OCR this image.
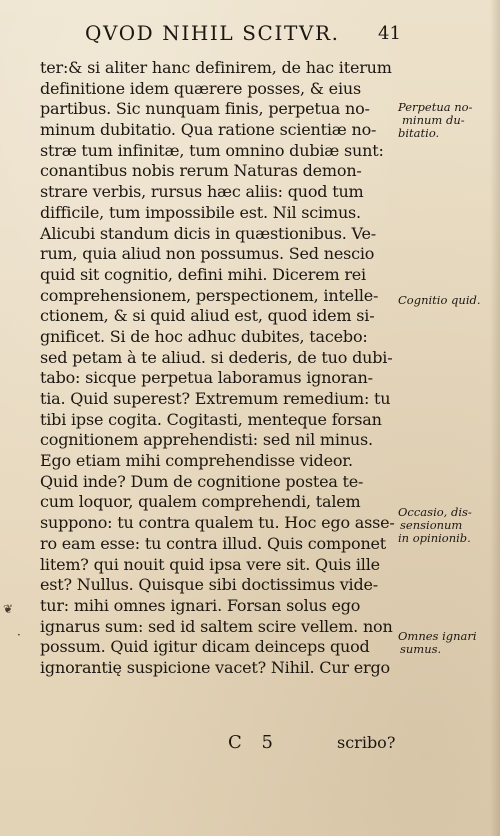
QVOD NIHIL SCITVR.	41
ter:& si aliter hanc definirem, de hac iterum
definitione idem quærere posses, & eius
partibus. Sic nunquam finis, perpetua no-
minum dubitatio. Qua ratione scientiæ no-
stræ tum infinitæ, tum omnino dubiæ sunt:
conantibus nobis rerum Naturas demon-
strare verbis, rursus hæc aliis: quod tum
difficile, tum impossibile est. Nil scimus.
Alicubi standum dicis in quæstionibus. Ve-
rum, quia aliud non possumus. Sed nescio
quid sit cognitio, defini mihi. Dicerem rei
comprehensionem, perspectionem, intelle-
ctionem, & si quid aliud est, quod idem si-
gnificet. Si de hoc adhuc dubites, tacebo:
sed petam à te aliud. si dederis, de tuo dubi-
tabo: sicque perpetua laboramus ignoran-
tia. Quid superest? Extremum remedium: tu
tibi ipse cogita. Cogitasti, menteque forsan
cognitionem apprehendisti: sed nil minus.
Ego etiam mihi comprehendisse videor.
Quid inde? Dum de cognitione postea te-
cum loquor, qualem comprehendi, talem
suppono: tu contra qualem tu. Hoc ego asse-
ro eam esse: tu contra illud. Quis componet
litem? qui nouit quid ipsa vere sit. Quis ille
est? Nullus. Quisque sibi doctissimus vide-
tur: mihi omnes ignari. Forsan solus ego
ignarus sum: sed id saltem scire vellem. non
possum. Quid igitur dicam deinceps quod
ignorantię suspicione vacet? Nihil. Cur ergo
C 5	scribo?
Perpetua no-
minum du-
bitatio.
Cognitio quid.
Occasio, dis-
sensionum
in opinionib.
Omnes ignari
sumus.
❦
·
